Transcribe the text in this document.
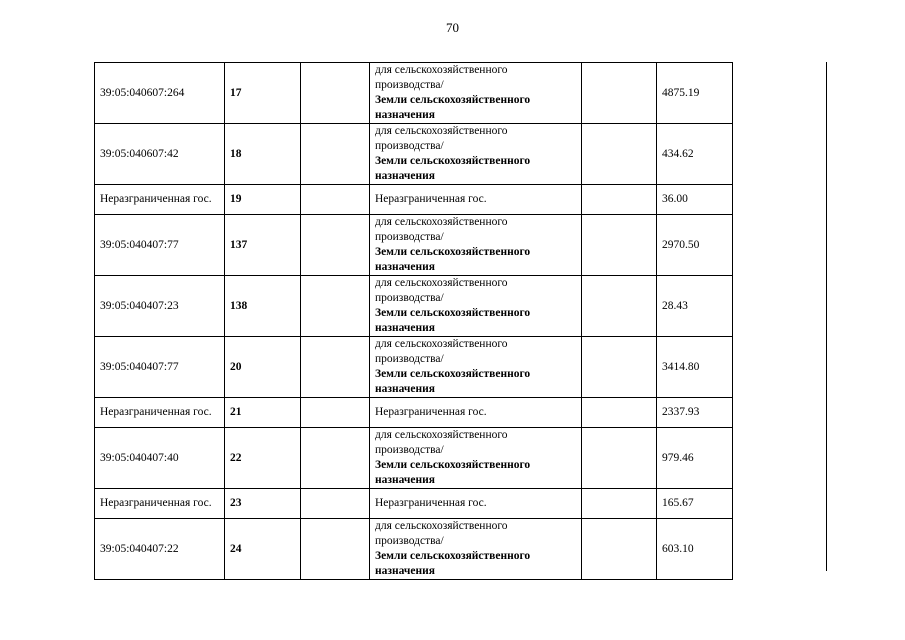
70
39:05:040607:264	17		для сельскохозяйственного производства/
Земли сельскохозяйственного назначения		4875.19
39:05:040607:42	18		для сельскохозяйственного производства/
Земли сельскохозяйственного назначения		434.62
Неразграниченная гос.	19		Неразграниченная гос.		36.00
39:05:040407:77	137		для сельскохозяйственного производства/
Земли сельскохозяйственного назначения		2970.50
39:05:040407:23	138		для сельскохозяйственного производства/
Земли сельскохозяйственного назначения		28.43
39:05:040407:77	20		для сельскохозяйственного производства/
Земли сельскохозяйственного назначения		3414.80
Неразграниченная гос.	21		Неразграниченная гос.		2337.93
39:05:040407:40	22		для сельскохозяйственного производства/
Земли сельскохозяйственного назначения		979.46
Неразграниченная гос.	23		Неразграниченная гос.		165.67
39:05:040407:22	24		для сельскохозяйственного производства/
Земли сельскохозяйственного назначения		603.10
